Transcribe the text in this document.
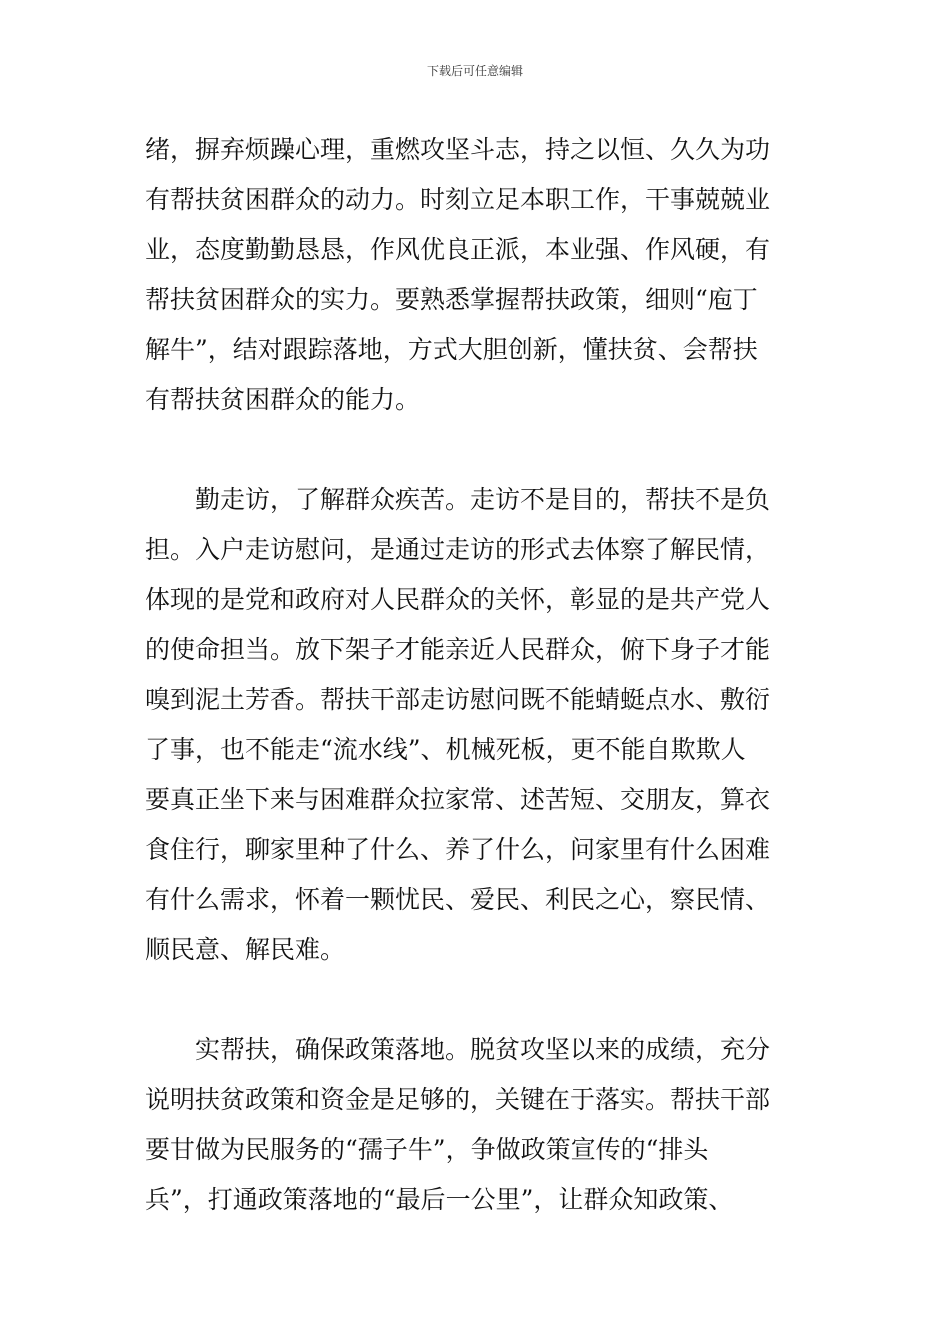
下载后可任意编辑
绪，摒弃烦躁心理，重燃攻坚斗志，持之以恒、久久为功
有帮扶贫困群众的动力。时刻立足本职工作，干事兢兢业
业，态度勤勤恳恳，作风优良正派，本业强、作风硬，有
帮扶贫困群众的实力。要熟悉掌握帮扶政策，细则“庖丁
解牛”，结对跟踪落地，方式大胆创新，懂扶贫、会帮扶
有帮扶贫困群众的能力。
勤走访，了解群众疾苦。走访不是目的，帮扶不是负
担。入户走访慰问，是通过走访的形式去体察了解民情，
体现的是党和政府对人民群众的关怀，彰显的是共产党人
的使命担当。放下架子才能亲近人民群众，俯下身子才能
嗅到泥土芳香。帮扶干部走访慰问既不能蜻蜓点水、敷衍
了事，也不能走“流水线”、机械死板，更不能自欺欺人
要真正坐下来与困难群众拉家常、述苦短、交朋友，算衣
食住行，聊家里种了什么、养了什么，问家里有什么困难
有什么需求，怀着一颗忧民、爱民、利民之心，察民情、
顺民意、解民难。
实帮扶，确保政策落地。脱贫攻坚以来的成绩，充分
说明扶贫政策和资金是足够的，关键在于落实。帮扶干部
要甘做为民服务的“孺子牛”，争做政策宣传的“排头
兵”，打通政策落地的“最后一公里”，让群众知政策、
